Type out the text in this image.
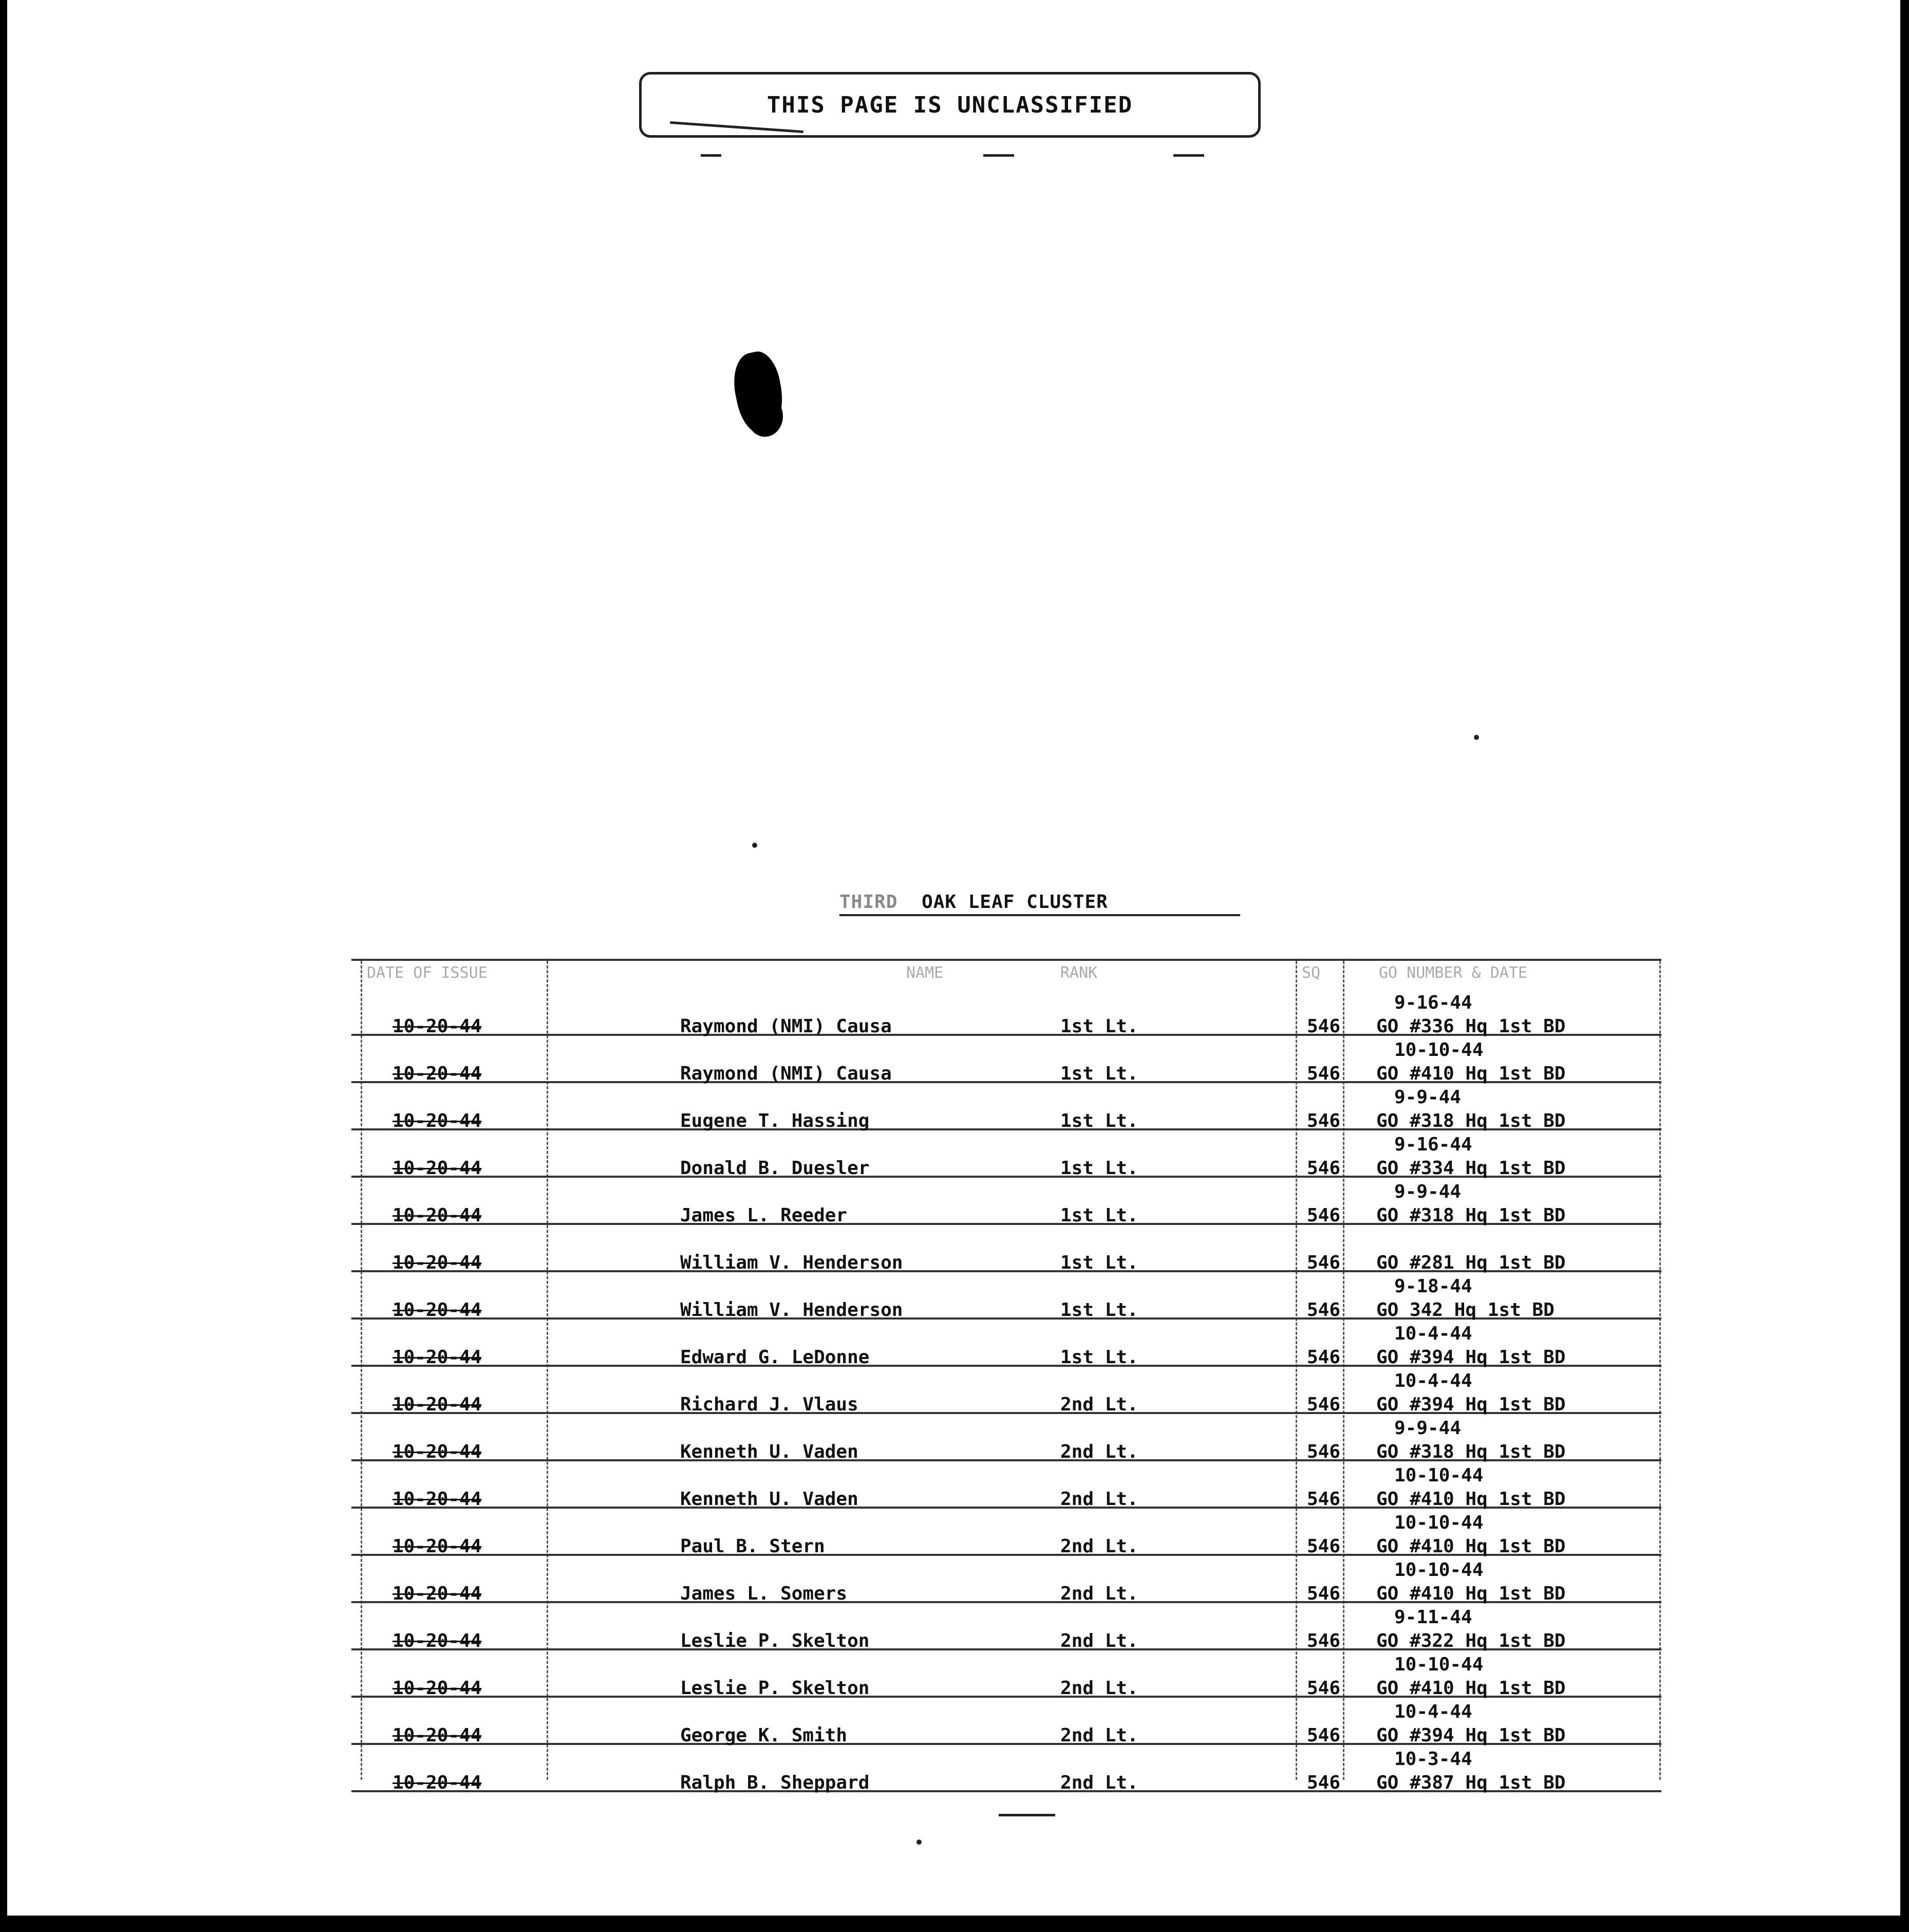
THIS PAGE IS UNCLASSIFIED
THIRD OAK LEAF CLUSTER
DATE OF ISSUE	NAME	RANK	SQ	GO NUMBER & DATE
10-20-44	Raymond (NMI) Causa	1st Lt.	546
9-16-44
GO #336 Hq 1st BD
10-20-44	Raymond (NMI) Causa	1st Lt.	546
10-10-44
GO #410 Hq 1st BD
10-20-44	Eugene T. Hassing	1st Lt.	546
9-9-44
GO #318 Hq 1st BD
10-20-44	Donald B. Duesler	1st Lt.	546
9-16-44
GO #334 Hq 1st BD
10-20-44	James L. Reeder	1st Lt.	546
9-9-44
GO #318 Hq 1st BD
10-20-44	William V. Henderson	1st Lt.	546 GO #281 Hq 1st BD
10-20-44	William V. Henderson	1st Lt.	546
9-18-44
GO 342 Hq 1st BD
10-20-44	Edward G. LeDonne	1st Lt.	546
10-4-44
GO #394 Hq 1st BD
10-20-44	Richard J. Vlaus	2nd Lt.	546
10-4-44
GO #394 Hq 1st BD
10-20-44	Kenneth U. Vaden	2nd Lt.	546
9-9-44
GO #318 Hq 1st BD
10-20-44	Kenneth U. Vaden	2nd Lt.	546
10-10-44
GO #410 Hq 1st BD
10-20-44	Paul B. Stern	2nd Lt.	546
10-10-44
GO #410 Hq 1st BD
10-20-44	James L. Somers	2nd Lt.	546
10-10-44
GO #410 Hq 1st BD
10-20-44	Leslie P. Skelton	2nd Lt.	546
9-11-44
GO #322 Hq 1st BD
10-20-44	Leslie P. Skelton	2nd Lt.	546
10-10-44
GO #410 Hq 1st BD
10-20-44	George K. Smith	2nd Lt.	546
10-4-44
GO #394 Hq 1st BD
10-20-44	Ralph B. Sheppard	2nd Lt.	546
10-3-44
GO #387 Hq 1st BD
